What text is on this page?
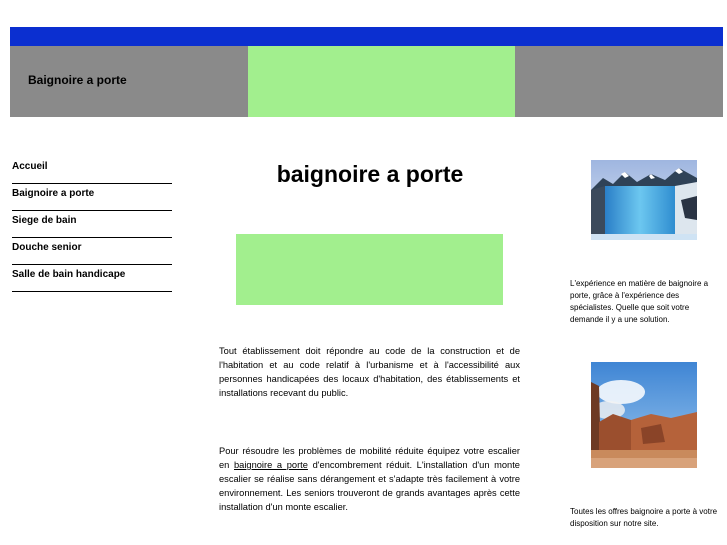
Baignoire a porte
Accueil
Baignoire a porte
Siege de bain
Douche senior
Salle de bain handicape
baignoire a porte

Tout établissement doit répondre au code de la construction et de l'habitation et au code relatif à l'urbanisme et à l'accessibilité aux personnes handicapées des locaux d'habitation, des établissements et installations recevant du public.

Pour résoudre les problèmes de mobilité réduite équipez votre escalier en baignoire a porte d'encombrement réduit. L'installation d'un monte escalier se réalise sans dérangement et s'adapte très facilement à votre environnement. Les seniors trouveront de grands avantages après cette installation d'un monte escalier.

L'expérience en matière de baignoire a porte, grâce à l'expérience des spécialistes. Quelle que soit votre demande il y a une solution.

Toutes les offres baignoire a porte à votre disposition sur notre site.
